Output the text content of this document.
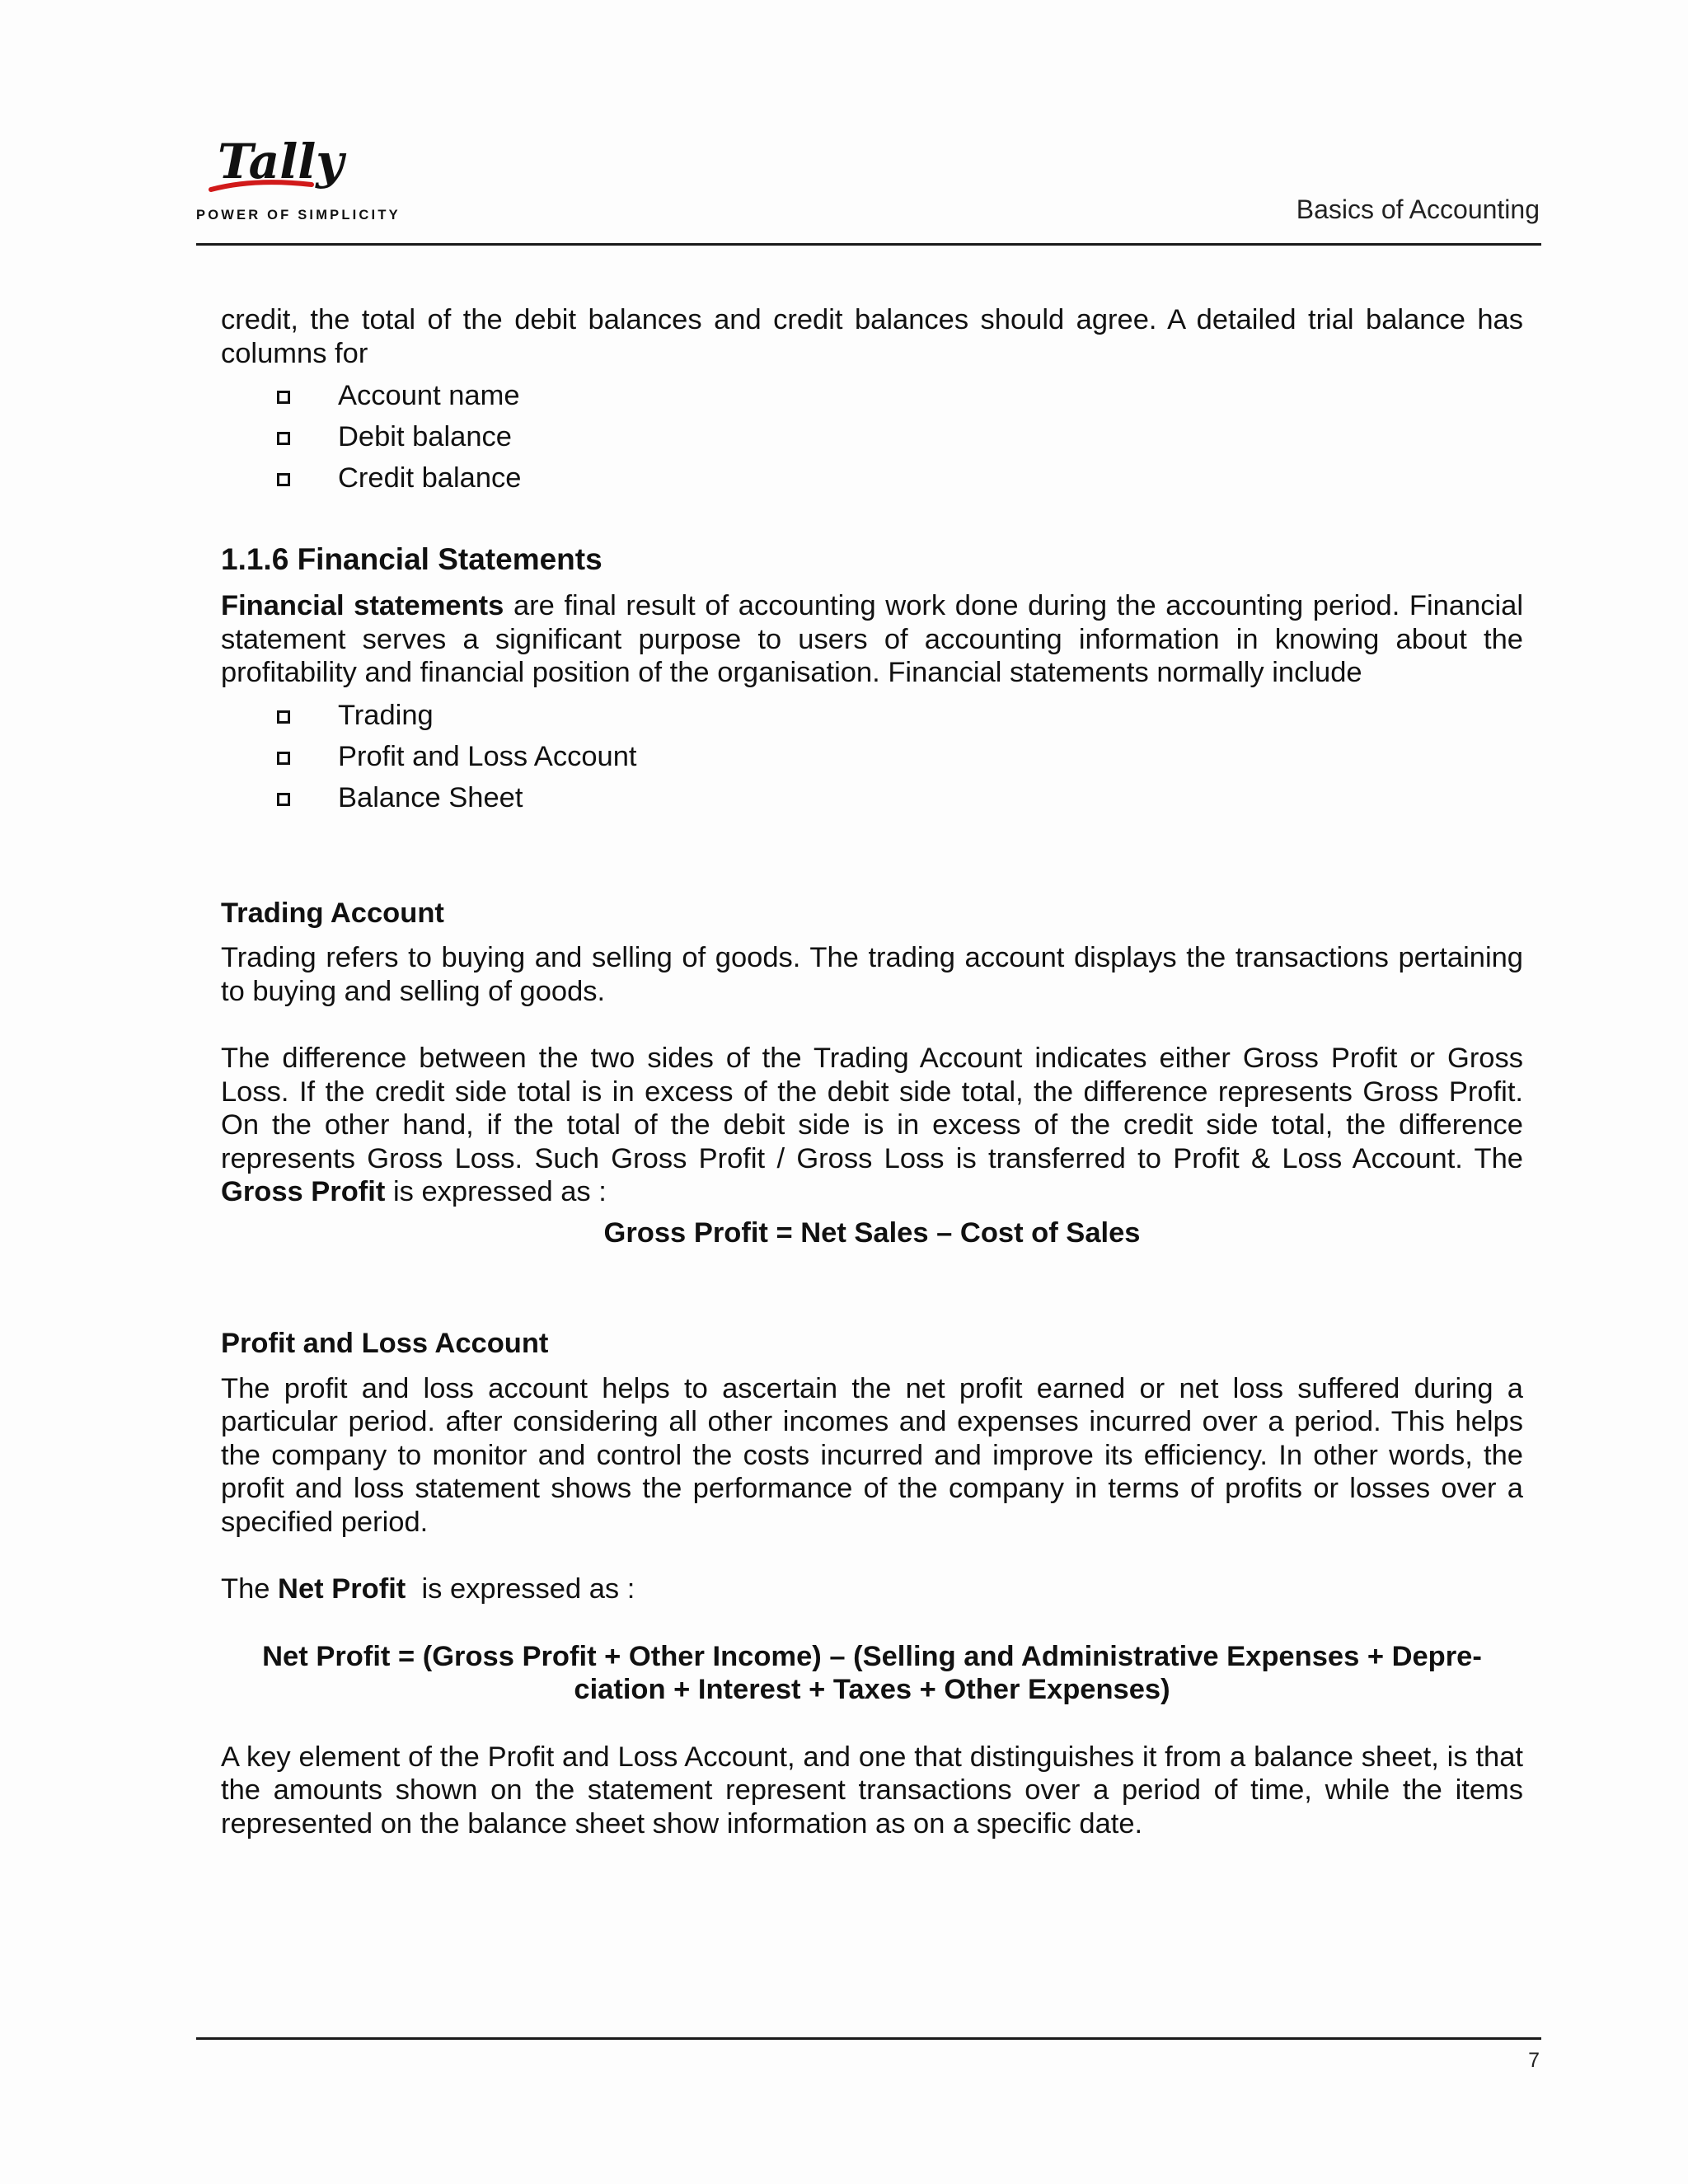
Tally
POWER OF SIMPLICITY	Basics of Accounting

credit, the total of the debit balances and credit balances should agree. A detailed trial balance has columns for

Account name
Debit balance
Credit balance
1.1.6 Financial Statements

Financial statements are final result of accounting work done during the accounting period. Financial statement serves a significant purpose to users of accounting information in knowing about the profitability and financial position of the organisation. Financial statements normally include

Trading
Profit and Loss Account
Balance Sheet
Trading Account

Trading refers to buying and selling of goods. The trading account displays the transactions pertaining to buying and selling of goods.

The difference between the two sides of the Trading Account indicates either Gross Profit or Gross Loss. If the credit side total is in excess of the debit side total, the difference represents Gross Profit. On the other hand, if the total of the debit side is in excess of the credit side total, the difference represents Gross Loss. Such Gross Profit / Gross Loss is transferred to Profit & Loss Account. The Gross Profit is expressed as :

Gross Profit = Net Sales – Cost of Sales

Profit and Loss Account

The profit and loss account helps to ascertain the net profit earned or net loss suffered during a particular period. after considering all other incomes and expenses incurred over a period. This helps the company to monitor and control the costs incurred and improve its efficiency. In other words, the profit and loss statement shows the performance of the company in terms of profits or losses over a specified period.

The Net Profit  is expressed as :

Net Profit = (Gross Profit + Other Income) – (Selling and Administrative Expenses + Depre-
ciation + Interest + Taxes + Other Expenses)

A key element of the Profit and Loss Account, and one that distinguishes it from a balance sheet, is that the amounts shown on the statement represent transactions over a period of time, while the items represented on the balance sheet show information as on a specific date.

7
